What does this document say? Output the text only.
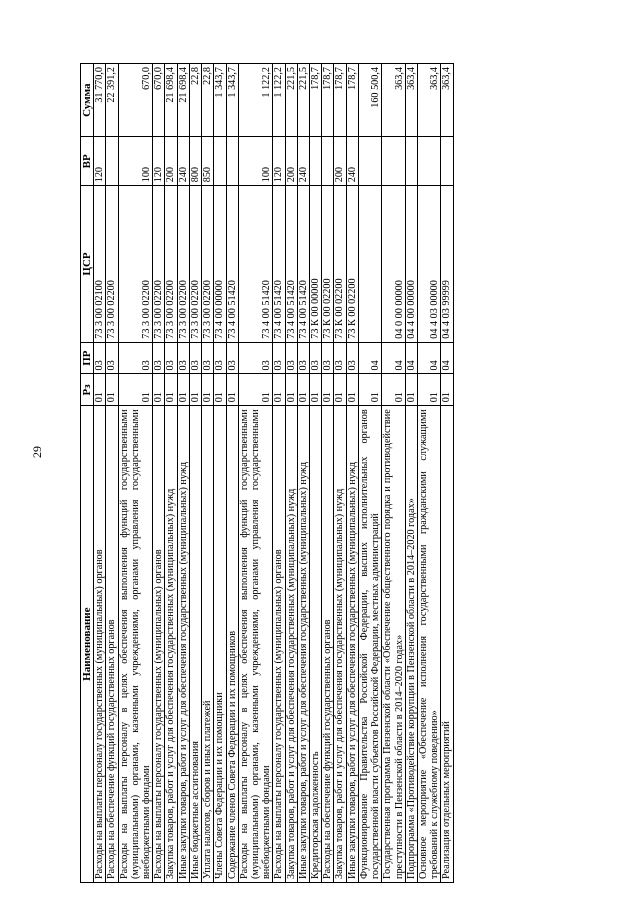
29
Наименование	Рз	ПР	ЦСР	ВР	Сумма
Расходы на выплаты персоналу государственных (муниципальных) органов	01	03	73 3 00 02100	120	31 770,0
Расходы на обеспечение функций государственных органов	01	03	73 3 00 02200		22 391,2
Расходы на выплаты персоналу в целях обеспечения выполнения функций государственными (муниципальными) органами, казенными учреждениями, органами управления государственными внебюджетными фондами	01	03	73 3 00 02200	100	670,0
Расходы на выплаты персоналу государственных (муниципальных) органов	01	03	73 3 00 02200	120	670,0
Закупка товаров, работ и услуг для обеспечения государственных (муниципальных) нужд	01	03	73 3 00 02200	200	21 698,4
Иные закупки товаров, работ и услуг для обеспечения государственных (муниципальных) нужд	01	03	73 3 00 02200	240	21 698,4
Иные бюджетные ассигнования	01	03	73 3 00 02200	800	22,8
Уплата налогов, сборов и иных платежей	01	03	73 3 00 02200	850	22,8
Члены Совета Федерации и их помощники	01	03	73 4 00 00000		1 343,7
Содержание членов Совета Федерации и их помощников	01	03	73 4 00 51420		1 343,7
Расходы на выплаты персоналу в целях обеспечения выполнения функций государственными (муниципальными) органами, казенными учреждениями, органами управления государственными внебюджетными фондами	01	03	73 4 00 51420	100	1 122,2
Расходы на выплаты персоналу государственных (муниципальных) органов	01	03	73 4 00 51420	120	1 122,2
Закупка товаров, работ и услуг для обеспечения государственных (муниципальных) нужд	01	03	73 4 00 51420	200	221,5
Иные закупки товаров, работ и услуг для обеспечения государственных (муниципальных) нужд	01	03	73 4 00 51420	240	221,5
Кредиторская задолженность	01	03	73 К 00 00000		178,7
Расходы на обеспечение функций государственных органов	01	03	73 К 00 02200		178,7
Закупка товаров, работ и услуг для обеспечения государственных (муниципальных) нужд	01	03	73 К 00 02200	200	178,7
Иные закупки товаров, работ и услуг для обеспечения государственных (муниципальных) нужд	01	03	73 К 00 02200	240	178,7
Функционирование Правительства Российской Федерации, высших исполнительных органов государственной власти субъектов Российской Федерации, местных администраций	01	04			160 500,4
Государственная программа Пензенской области «Обеспечение общественного порядка и противодействие преступности в Пензенской области в 2014–2020 годах»	01	04	04 0 00 00000		363,4
Подпрограмма «Противодействие коррупции в Пензенской области в 2014–2020 годах»	01	04	04 4 00 00000		363,4
Основное мероприятие «Обеспечение исполнения государственными гражданскими служащими требований к служебному поведению»	01	04	04 4 03 00000		363,4
Реализация отдельных мероприятий	01	04	04 4 03 99999		363,4
